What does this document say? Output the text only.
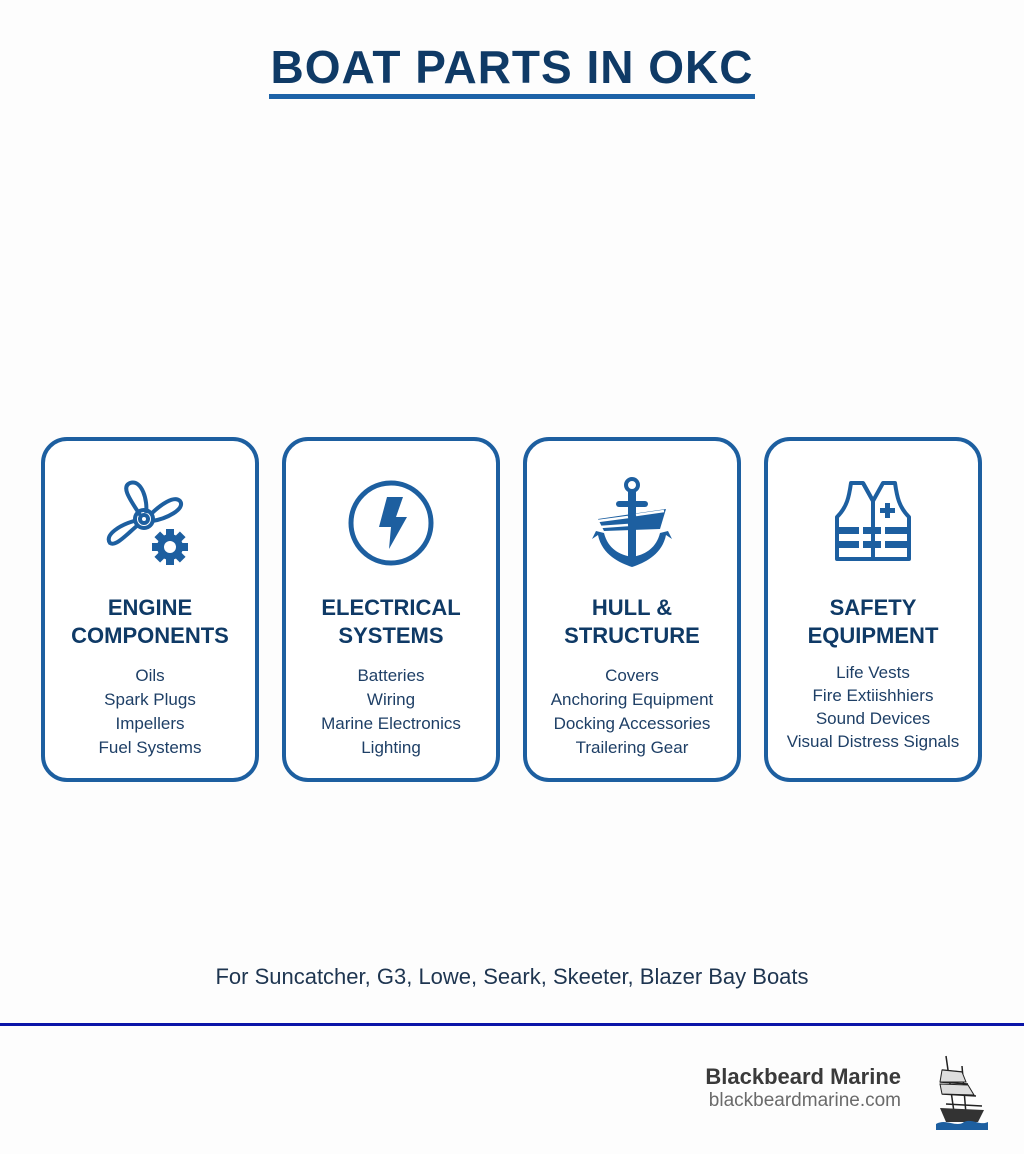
BOAT PARTS IN OKC
ENGINE
COMPONENTS
Oils
Spark Plugs
Impellers
Fuel Systems
ELECTRICAL
SYSTEMS
Batteries
Wiring
Marine Electronics
Lighting
HULL &
STRUCTURE
Covers
Anchoring Equipment
Docking Accessories
Trailering Gear
SAFETY
EQUIPMENT
Life Vests
Fire Extiishhiers
Sound Devices
Visual Distress Signals
For Suncatcher, G3, Lowe, Seark, Skeeter, Blazer Bay Boats
Blackbeard Marine
blackbeardmarine.com
